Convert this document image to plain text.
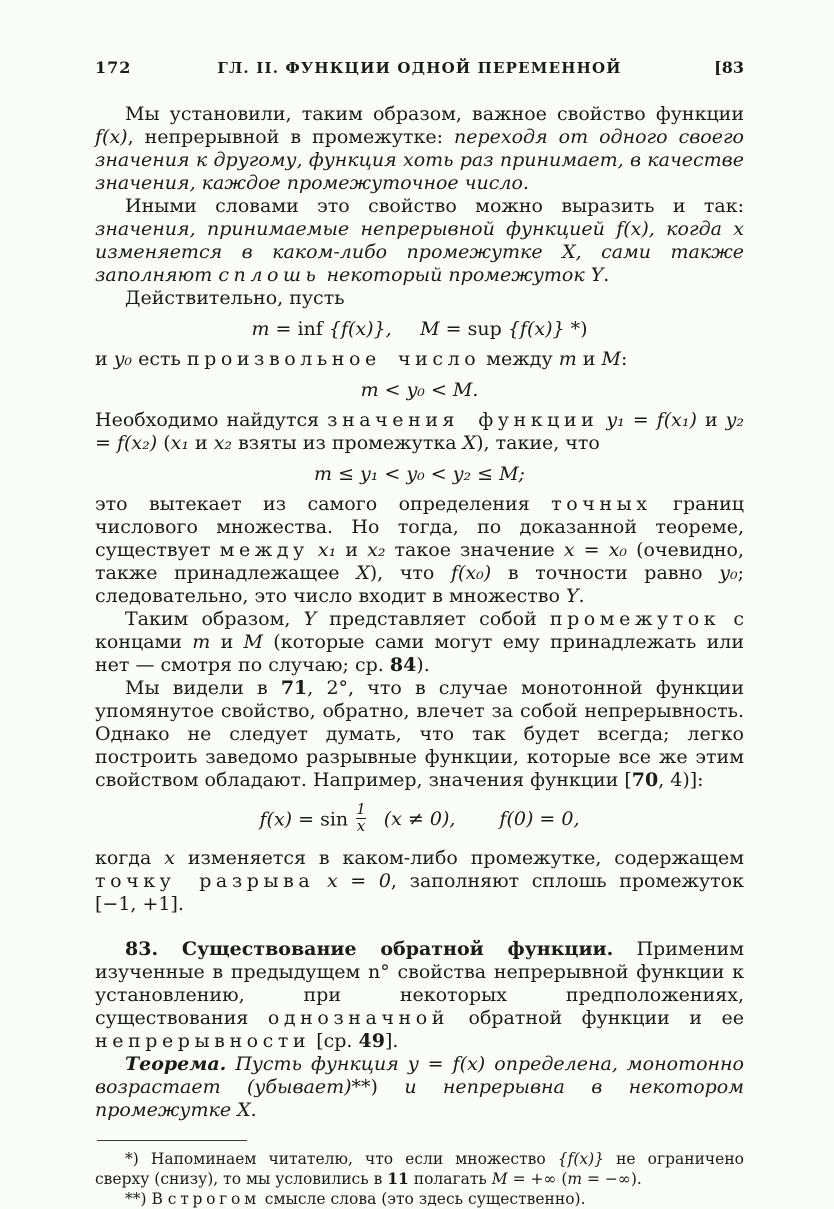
172	ГЛ. II. ФУНКЦИИ ОДНОЙ ПЕРЕМЕННОЙ	[83

Мы установили, таким образом, важное свойство функции f(x), непрерывной в промежутке: переходя от одного своего значения к другому, функция хоть раз принимает, в качестве значения, каждое промежуточное число.

Иными словами это свойство можно выразить и так: значения, принимаемые непрерывной функцией f(x), когда x изменяется в каком-либо промежутке X, сами также заполняют сплошь некоторый промежуток Y.

Действительно, пусть

m = inf {f(x)},   M = sup {f(x)} *)

и y₀ есть произвольное число между m и M:

m < y₀ < M.

Необходимо найдутся значения функции y₁ = f(x₁) и y₂ = f(x₂) (x₁ и x₂ взяты из промежутка X), такие, что

m ≤ y₁ < y₀ < y₂ ≤ M;

это вытекает из самого определения точных границ числового множества. Но тогда, по доказанной теореме, существует между x₁ и x₂ такое значение x = x₀ (очевидно, также принадлежащее X), что f(x₀) в точности равно y₀; следовательно, это число входит в множество Y.

Таким образом, Y представляет собой промежуток с концами m и M (которые сами могут ему принадлежать или нет — смотря по случаю; ср. 84).

Мы видели в 71, 2°, что в случае монотонной функции упомянутое свойство, обратно, влечет за собой непрерывность. Однако не следует думать, что так будет всегда; легко построить заведомо разрывные функции, которые все же этим свойством обладают. Например, значения функции [70, 4)]:

$f(x) = \sin \frac{1}{x} (x \ne 0)$, f(0) = 0,

когда x изменяется в каком-либо промежутке, содержащем точку разрыва x = 0, заполняют сплошь промежуток [−1, +1].

83. Существование обратной функции. Применим изученные в предыдущем n° свойства непрерывной функции к установлению, при некоторых предположениях, существования однозначной обратной функции и ее непрерывности [ср. 49].

Теорема. Пусть функция y = f(x) определена, монотонно возрастает (убывает)**) и непрерывна в некотором промежутке X.

*) Напоминаем читателю, что если множество {f(x)} не ограничено сверху (снизу), то мы условились в 11 полагать M = +∞ (m = −∞).

**) В строгом смысле слова (это здесь существенно).
